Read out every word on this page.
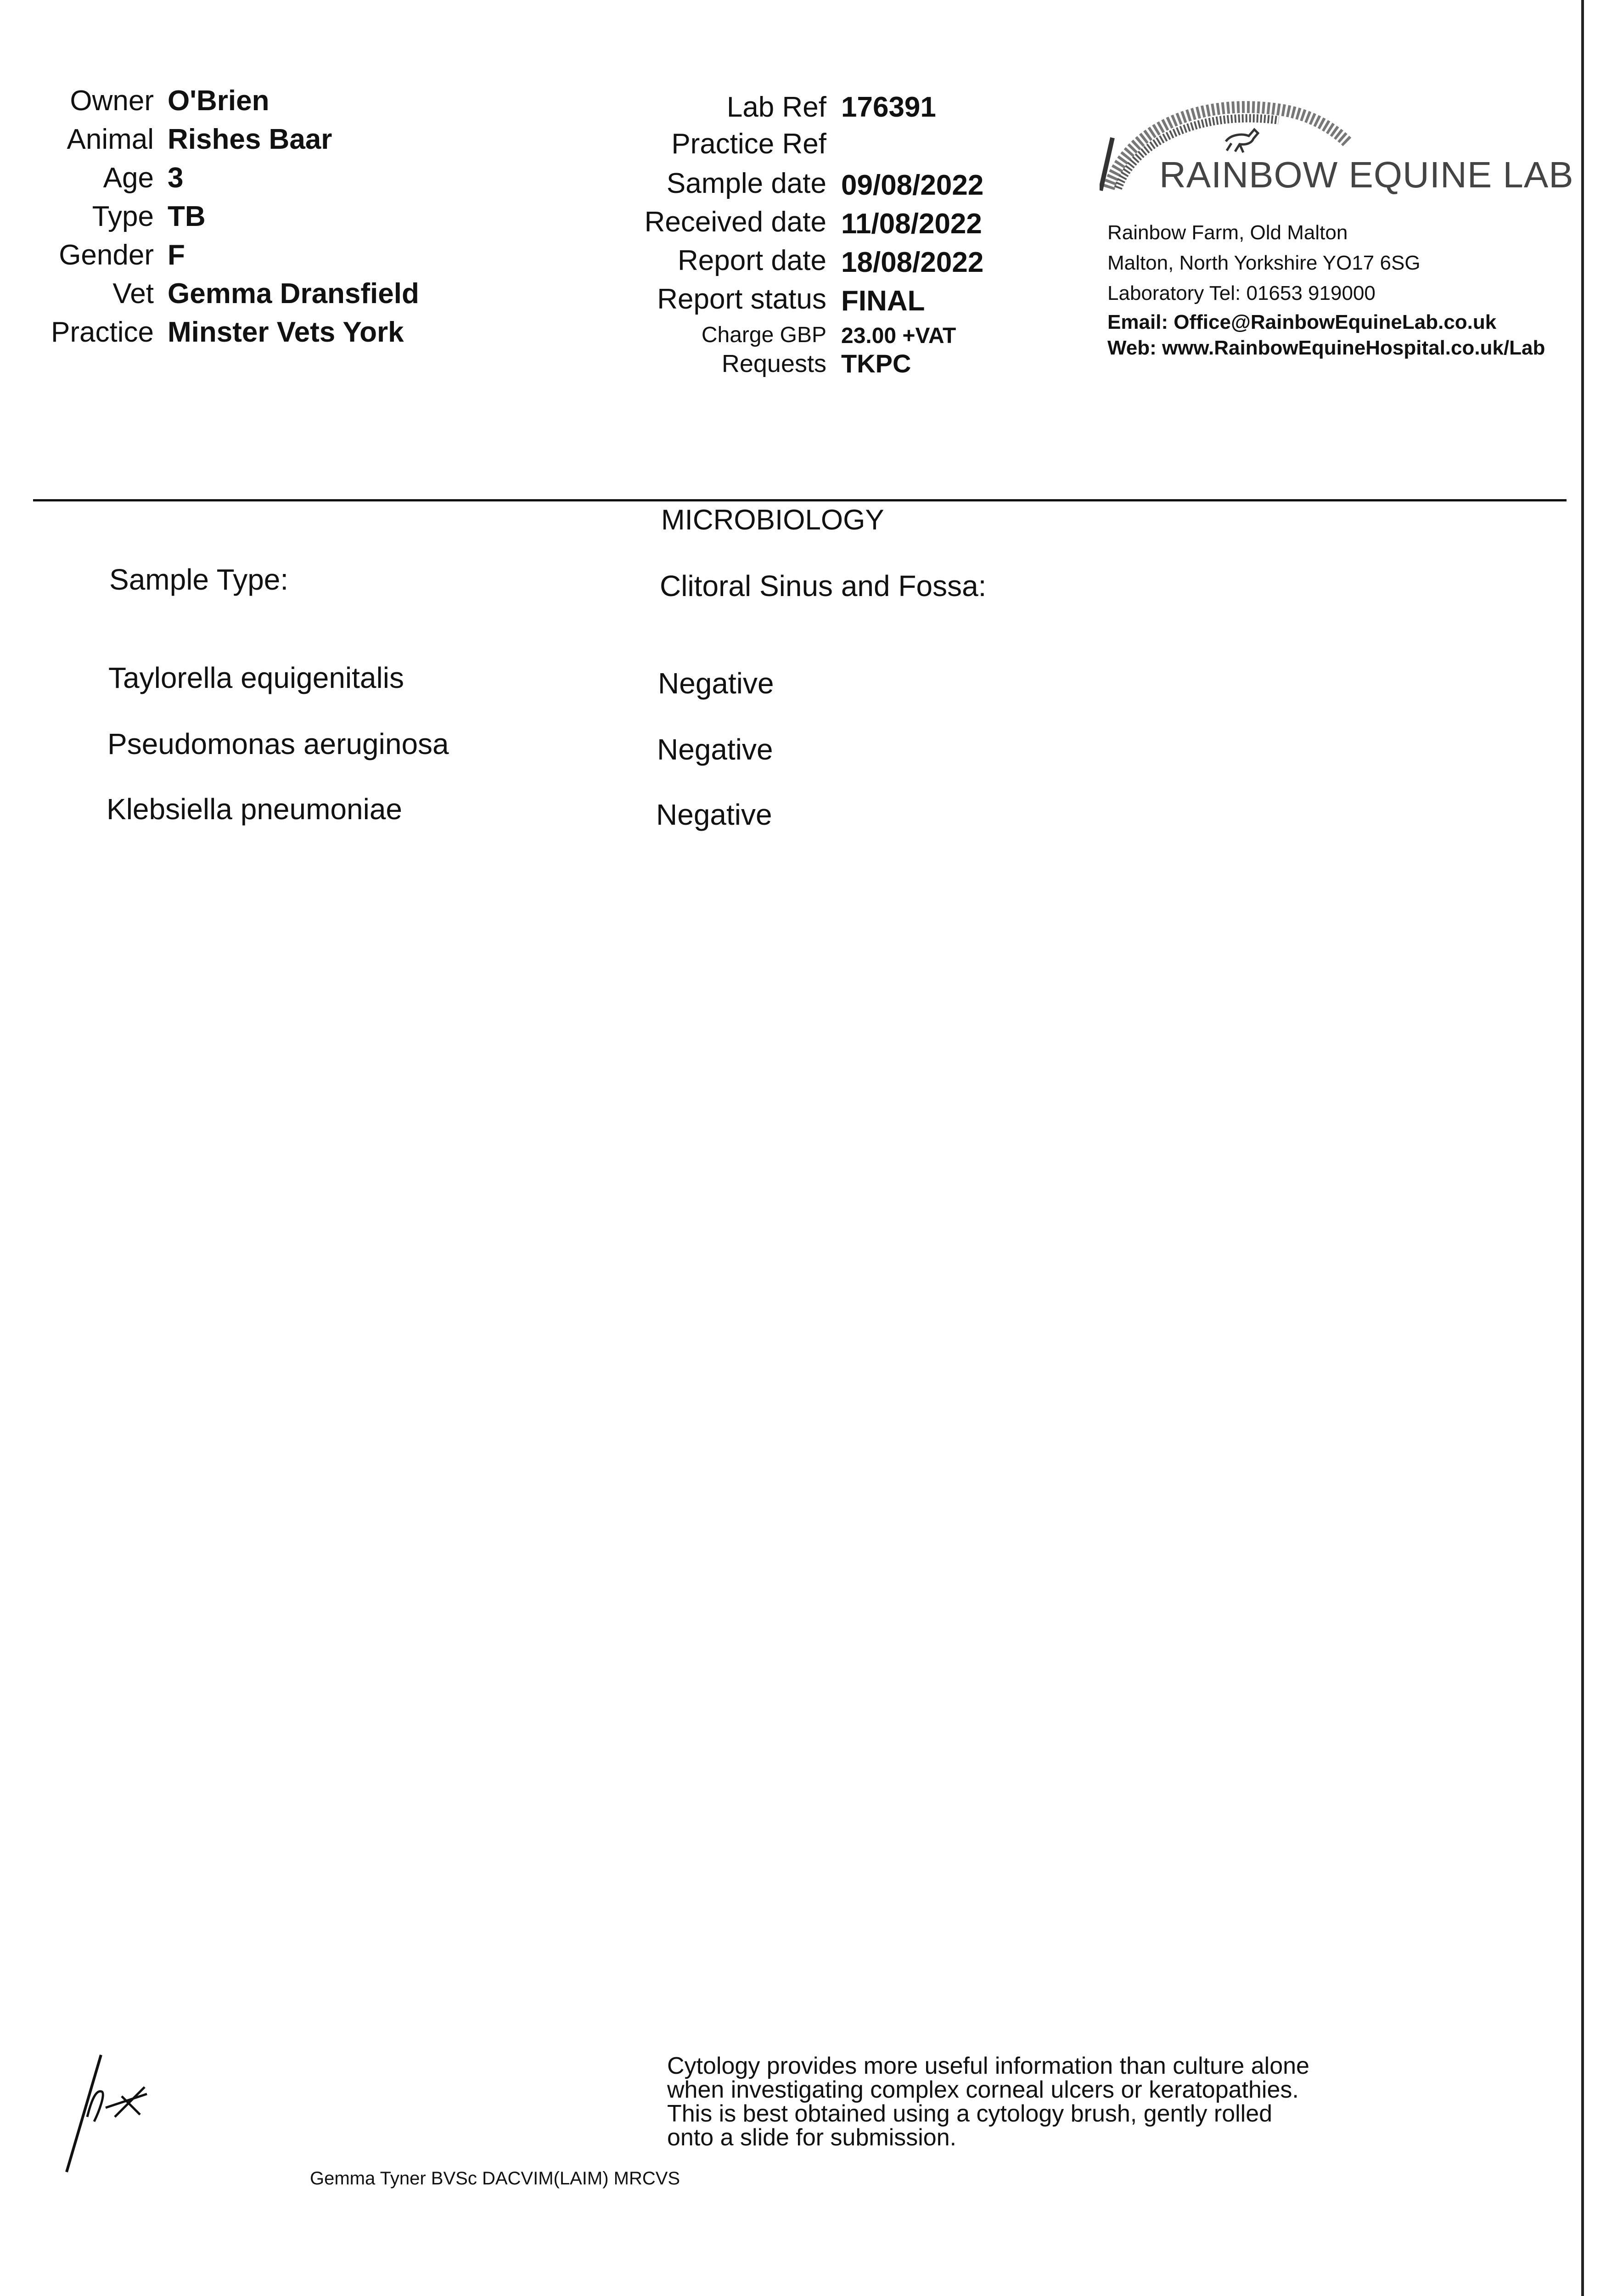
Owner O'Brien
Animal Rishes Baar
Age 3
Type TB
Gender F
Vet Gemma Dransfield
Practice Minster Vets York
Lab Ref 176391
Practice Ref
Sample date 09/08/2022
Received date 11/08/2022
Report date 18/08/2022
Report status FINAL
Charge GBP 23.00 +VAT
Requests TKPC
RAINBOW EQUINE LAB
Rainbow Farm, Old Malton
Malton, North Yorkshire YO17 6SG
Laboratory Tel: 01653 919000
Email: Office@RainbowEquineLab.co.uk
Web: www.RainbowEquineHospital.co.uk/Lab
MICROBIOLOGY
Sample Type:	Clitoral Sinus and Fossa:
Taylorella equigenitalis	Negative
Pseudomonas aeruginosa	Negative
Klebsiella pneumoniae	Negative
Cytology provides more useful information than culture alone
when investigating complex corneal ulcers or keratopathies.
This is best obtained using a cytology brush, gently rolled
onto a slide for submission.
Gemma Tyner BVSc DACVIM(LAIM) MRCVS
